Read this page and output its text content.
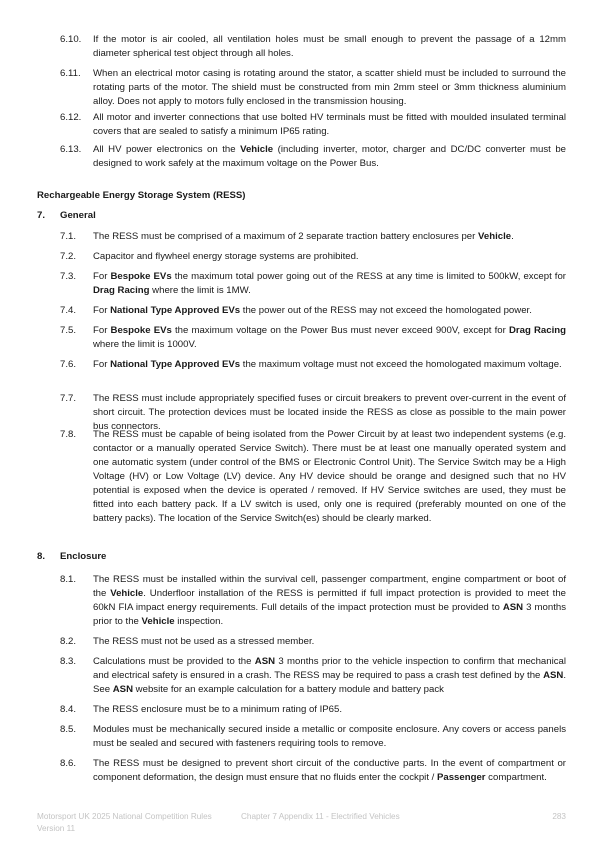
6.10. If the motor is air cooled, all ventilation holes must be small enough to prevent the passage of a 12mm diameter spherical test object through all holes.
6.11. When an electrical motor casing is rotating around the stator, a scatter shield must be included to surround the rotating parts of the motor. The shield must be constructed from min 2mm steel or 3mm thickness aluminium alloy. Does not apply to motors fully enclosed in the transmission housing.
6.12. All motor and inverter connections that use bolted HV terminals must be fitted with moulded insulated terminal covers that are sealed to satisfy a minimum IP65 rating.
6.13. All HV power electronics on the Vehicle (including inverter, motor, charger and DC/DC converter must be designed to work safely at the maximum voltage on the Power Bus.
7.1. The RESS must be comprised of a maximum of 2 separate traction battery enclosures per Vehicle.
7.2. Capacitor and flywheel energy storage systems are prohibited.
7.3. For Bespoke EVs the maximum total power going out of the RESS at any time is limited to 500kW, except for Drag Racing where the limit is 1MW.
7.4. For National Type Approved EVs the power out of the RESS may not exceed the homologated power.
7.5. For Bespoke EVs the maximum voltage on the Power Bus must never exceed 900V, except for Drag Racing where the limit is 1000V.
7.6. For National Type Approved EVs the maximum voltage must not exceed the homologated maximum voltage.
7.7. The RESS must include appropriately specified fuses or circuit breakers to prevent over-current in the event of short circuit. The protection devices must be located inside the RESS as close as possible to the main power bus connectors.
7.8. The RESS must be capable of being isolated from the Power Circuit by at least two independent systems (e.g. contactor or a manually operated Service Switch). There must be at least one manually operated system and one automatic system (under control of the BMS or Electronic Control Unit). The Service Switch may be a High Voltage (HV) or Low Voltage (LV) device. Any HV device should be orange and designed such that no HV potential is exposed when the device is operated / removed. If HV Service switches are used, they must be fitted into each battery pack. If a LV switch is used, only one is required (preferably mounted on one of the battery packs). The location of the Service Switch(es) should be clearly marked.
8.1. The RESS must be installed within the survival cell, passenger compartment, engine compartment or boot of the Vehicle. Underfloor installation of the RESS is permitted if full impact protection is provided to meet the 60kN FIA impact energy requirements. Full details of the impact protection must be provided to ASN 3 months prior to the Vehicle inspection.
8.2. The RESS must not be used as a stressed member.
8.3. Calculations must be provided to the ASN 3 months prior to the vehicle inspection to confirm that mechanical and electrical safety is ensured in a crash. The RESS may be required to pass a crash test defined by the ASN. See ASN website for an example calculation for a battery module and battery pack
8.4. The RESS enclosure must be to a minimum rating of IP65.
8.5. Modules must be mechanically secured inside a metallic or composite enclosure. Any covers or access panels must be sealed and secured with fasteners requiring tools to remove.
8.6. The RESS must be designed to prevent short circuit of the conductive parts. In the event of compartment or component deformation, the design must ensure that no fluids enter the cockpit / Passenger compartment.
Rechargeable Energy Storage System (RESS)
7. General
8. Enclosure
Motorsport UK 2025 National Competition Rules
Version 11
Chapter 7 Appendix 11 - Electrified Vehicles	283
